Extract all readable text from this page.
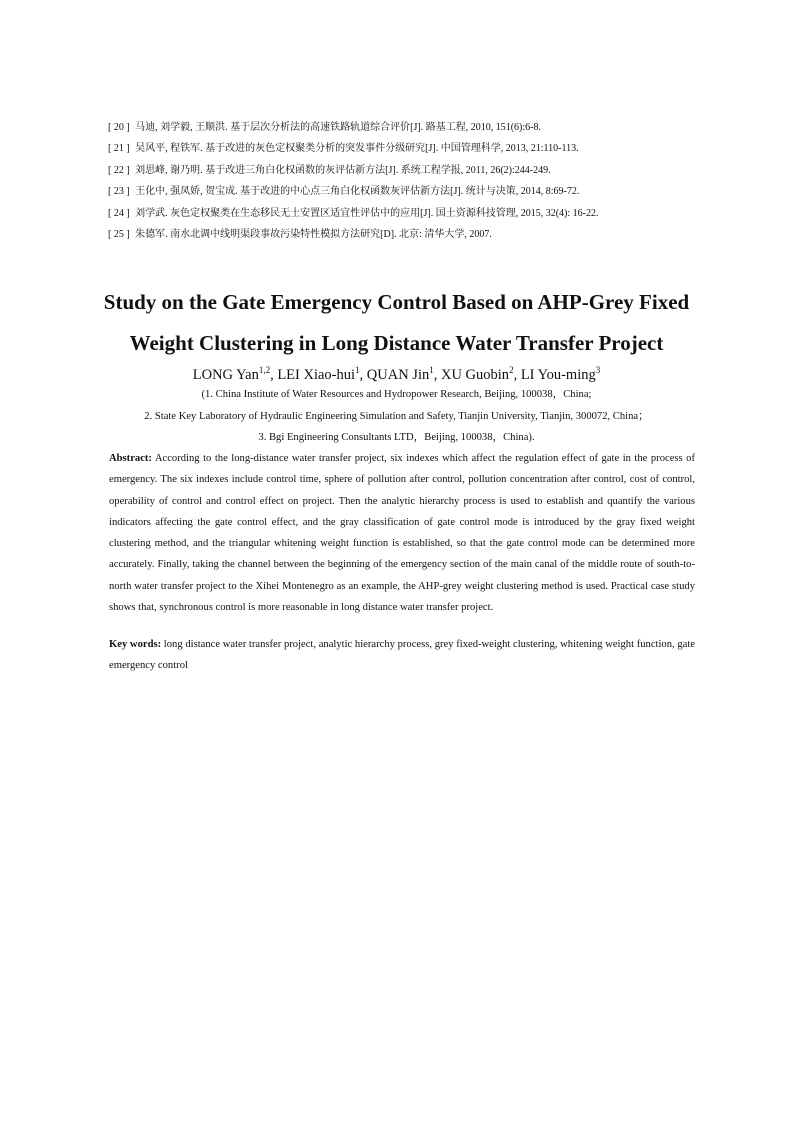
[ 20 ] 马迪, 刘学毅, 王顺洪. 基于层次分析法的高速铁路轨道综合评价[J]. 路基工程, 2010, 151(6):6-8.
[ 21 ] 吴风平, 程铁军. 基于改进的灰色定权聚类分析的突发事件分级研究[J]. 中国管理科学, 2013, 21:110-113.
[ 22 ] 刘思峰, 谢乃明. 基于改进三角白化权函数的灰评估新方法[J]. 系统工程学报, 2011, 26(2):244-249.
[ 23 ] 王化中, 强凤娇, 贺宝成. 基于改进的中心点三角白化权函数灰评估新方法[J]. 统计与决策, 2014, 8:69-72.
[ 24 ] 刘学武. 灰色定权聚类在生态移民无土安置区适宜性评估中的应用[J]. 国土资源科技管理, 2015, 32(4): 16-22.
[ 25 ] 朱德军. 南水北调中线明渠段事故污染特性模拟方法研究[D]. 北京: 清华大学, 2007.
Study on the Gate Emergency Control Based on AHP-Grey Fixed
Weight Clustering in Long Distance Water Transfer Project
LONG Yan$^{1,2}$, LEI Xiao-hui$^1$, QUAN Jin$^1$, XU Guobin$^2$, LI You-ming$^3$
(1. China Institute of Water Resources and Hydropower Research, Beijing, 100038，China;
2. State Key Laboratory of Hydraulic Engineering Simulation and Safety, Tianjin University, Tianjin, 300072, China；
3. Bgi Engineering Consultants LTD，Beijing, 100038，China).

Abstract: According to the long-distance water transfer project, six indexes which affect the regulation effect of gate in the process of emergency. The six indexes include control time, sphere of pollution after control, pollution concentration after control, cost of control, operability of control and control effect on project. Then the analytic hierarchy process is used to establish and quantify the various indicators affecting the gate control effect, and the gray classification of gate control mode is introduced by the gray fixed weight clustering method, and the triangular whitening weight function is established, so that the gate control mode can be determined more accurately. Finally, taking the channel between the beginning of the emergency section of the main canal of the middle route of south-to-north water transfer project to the Xihei Montenegro as an example, the AHP-grey weight clustering method is used. Practical case study shows that, synchronous control is more reasonable in long distance water transfer project.

Key words: long distance water transfer project, analytic hierarchy process, grey fixed-weight clustering, whitening weight function, gate emergency control
